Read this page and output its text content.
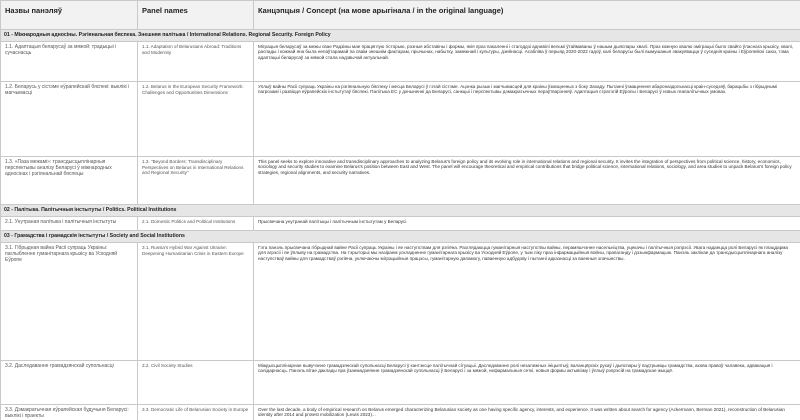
Назвы панэляў	Panel names	Канцэпцыя / Concept (на мове арыгінала / in the original language)
01 - Міжнародныя адносіны. Рэгіянальная бяспека. Знешняя палітыка / International Relations. Regional Security. Foreign Policy		
1.1. Адаптацыя беларусаў за мяжой: традыцыі і сучаснасць	1.1. Adaptation of Belarusians Abroad: Traditions and Modernity	Міграцыя беларусаў за межы свае Радзімы мае працяглую гісторыю, розныя абставіны і формы, якія праз пакаленні і стагоддзі аднавілі вельмі ўтаймаваны ў нашым дыяспары хвалі. Праз кожную хвалю эміграцыі было свайго ўласнага крызісу, хвалі, распады і кожнай яна была непаўтарамай па сваім знешнім фактарам, прычынах, набытку, замежнай і культуры, дзейнасці. Асабліва ў перыяд 2020-2022 гадоў, калі беларусы былі вымушаныя эвакуявацца ў суседнія краіны і Еўропейскі саюз, тэма адаптацыі беларусаў за мяжой стала надзвычай актуальнай.
1.2. Беларусь у сістэме еўрапейскай бяспекі: выклікі і магчымасці	1.2. Belarus in the European Security Framework: Challenges and Opportunities Dimensions	Уплыў вайны Расіі супраць Украіны на рэгіянальную бяспеку і месца Беларусі ў гэтай сістэме. Ацэнка рызык і магчымасцей для краіны ўзмоцненых з боку Захаду. Пытанні ўзмацнення абароназдольнасці краін-суседзяў, барацьбы з гібрыднымі пагрозамі і развіцця еўрапейскіх інстытутаў бяспекі. Палітыка ЕС у дачыненні да Беларусі, санкцыі і перспектывы дэмакратычных пераўтварэнняў. Адаптацыя стратэгій Еўропы і Беларусі ў новых геапалітычных умовах.
1.3. «Паза межамі»: трансдысцыплінарныя перспектывы аналізу Беларусі ў міжнародных адносінах і рэгіянальнай бяспецы	1.3. "Beyond Borders: Transdisciplinary Perspectives on Belarus in International Relations and Regional Security"	This panel seeks to explore innovative and transdisciplinary approaches to analyzing Belarus's foreign policy and its evolving role in international relations and regional security. It invites the integration of perspectives from political science, history, economics, sociology and security studies to examine Belarus's position between East and West. The panel will encourage theoretical and empirical contributions that bridge political science, international relations, sociology, and area studies to unpack Belarus's foreign policy strategies, regional alignments, and security narratives.
02 - Палітыка. Палітычныя інстытуты / Politics. Political Institutions		
2.1. Унутраная палітыка і палітычныя інстытуты	2.1. Domestic Politics and Political Institutions	Прысвечана унутранай палітыцы і палітычным інстытутам у Беларусі
03 - Грамадства і грамадскія інстытуты / Society and Social Institutions		
3.1. Гібрыдная вайна Расіі супраць Украіны: паглыбленне гуманітарнага крызісу ва Усходняй Еўропе	3.1. Russia's Hybrid War Against Ukraine: Deepening Humanitarian Crisis in Eastern Europe	Гэта панэль прысвечана гібрыднай вайне Расіі супраць Украіны і яе наступствам для рэгіёна. Разглядаюцца гуманітарныя наступствы вайны, перамяшчэнне насельніцтва, уцекачы і палітычныя рэпрэсіі. Увага надаецца ролі Беларусі як плацдарма для агрэсіі і яе ўплыву на грамадства. На тэрыторыі мы назіраем ускладненне гуманітарнага крызісу ва Усходняй Еўропе, у тым ліку праз інфармацыйныя войны, прапаганду і дэзынфармацыю. Панэль заклікае да трансдысцыплінарнага аналізу наступстваў вайны для грамадстваў рэгіёна, уключаючы міграцыйныя працэсы, гуманітарную дапамогу, паваенную адбудову і пытанні адказнасці за ваенныя злачынствы.
3.2. Даследаванне грамадзянскай супольнасці	3.2. Civil Society Studies	Міждысцыплінарнае вывучэнне грамадзянскай супольнасці Беларусі ў кантэксце палітычнай сітуацыі. Даследаванне ролі незалежных ініцыятыў, валанцёрскіх рухаў і дыяспары ў падтрымцы грамадства, ахова правоў чалавека, адвакацыя і салідарнасць. Панэль вітае даклады пра ўзаемадзеянне грамадзянскай супольнасці ў Беларусі і за мяжой, нефармальныя сеткі, новыя формы актывізму і ўплыў рэпрэсій на грамадскае жыццё.
3.3. Дэмакратычная еўрапейская будучыня Беларусі: выклікі і праекты	3.3. Democratic Life of Belarusian Society in Europe	Over the last decade, a body of empirical research on Belarus emerged characterizing Belarusian society as one having specific agency, interests, and experience. It was written about search for agency (Ackermann, Berman 2021), reconstruction of Belarusian identity after 2014 and protest mobilization (Lewis 2023)...
